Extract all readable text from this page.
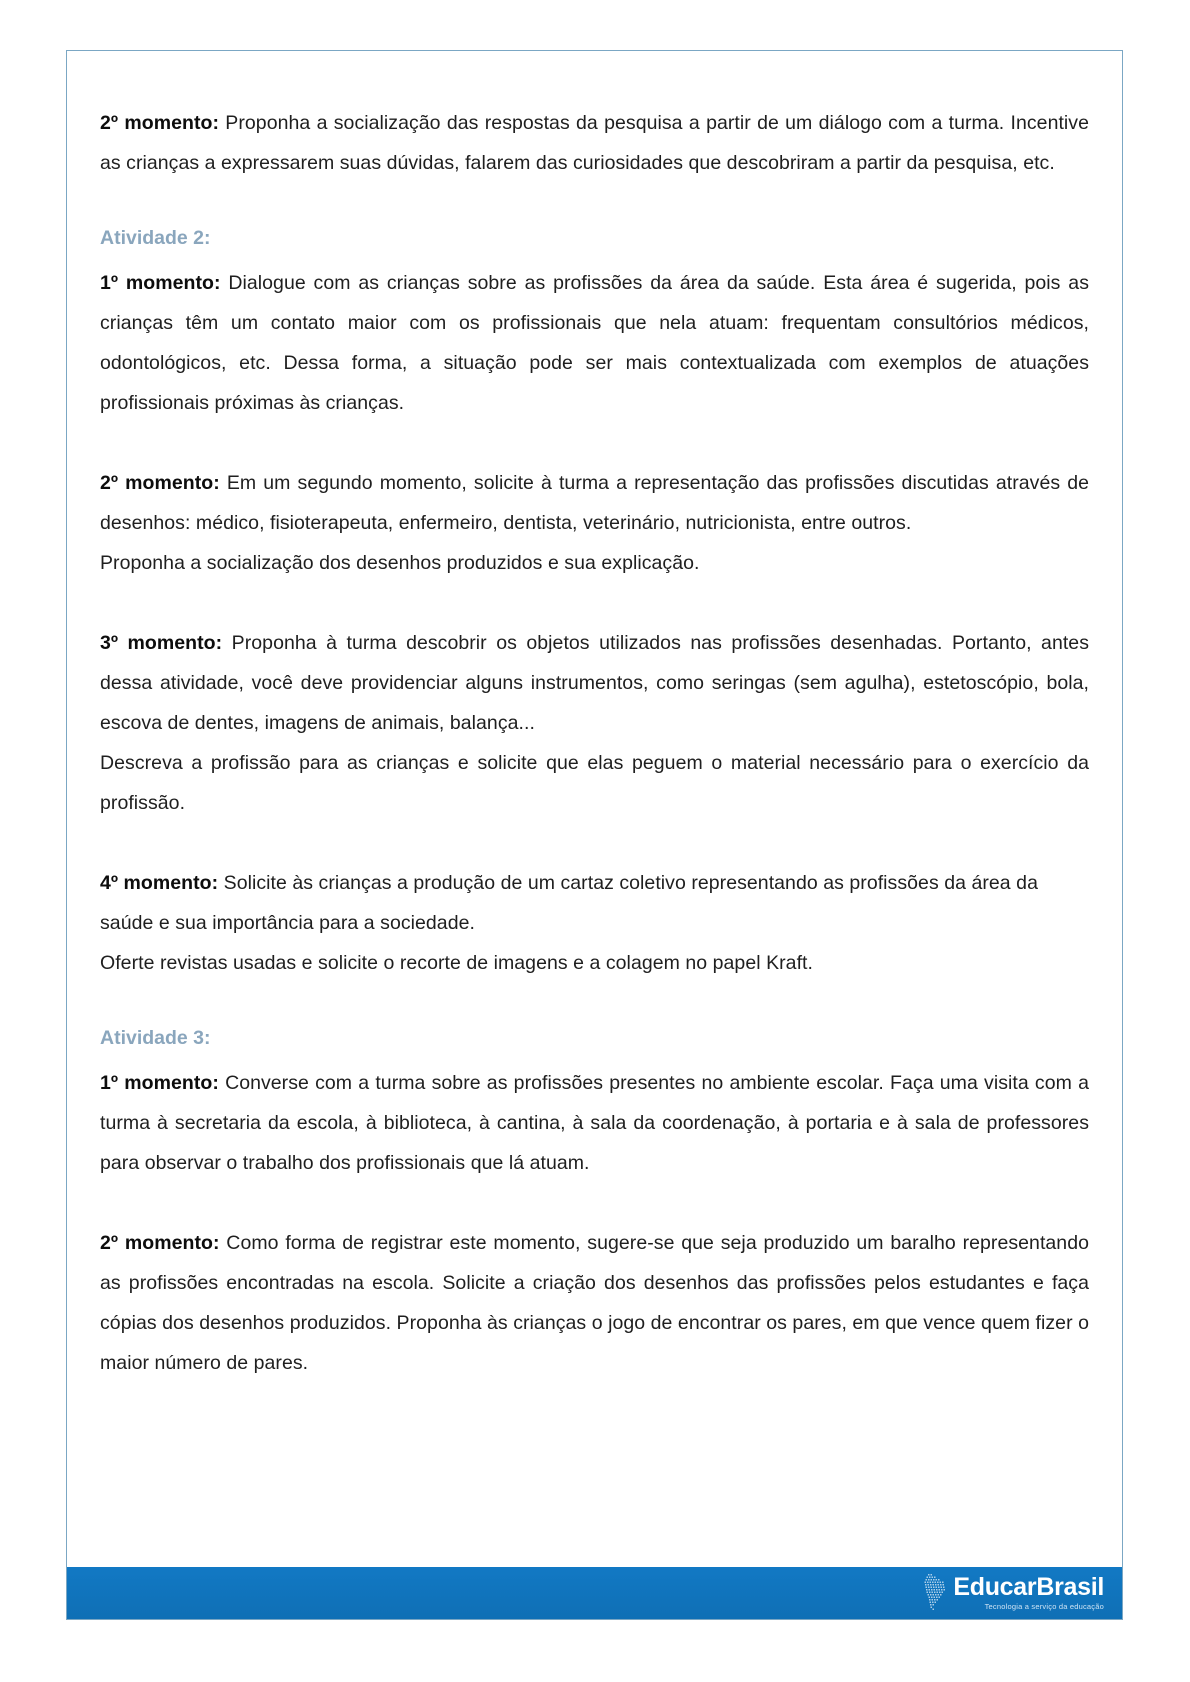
2º momento: Proponha a socialização das respostas da pesquisa a partir de um diálogo com a turma. Incentive as crianças a expressarem suas dúvidas, falarem das curiosidades que descobriram a partir da pesquisa, etc.

Atividade 2:

1º momento: Dialogue com as crianças sobre as profissões da área da saúde. Esta área é sugerida, pois as crianças têm um contato maior com os profissionais que nela atuam: frequentam consultórios médicos, odontológicos, etc. Dessa forma, a situação pode ser mais contextualizada com exemplos de atuações profissionais próximas às crianças.

2º momento: Em um segundo momento, solicite à turma a representação das profissões discutidas através de desenhos: médico, fisioterapeuta, enfermeiro, dentista, veterinário, nutricionista, entre outros.

Proponha a socialização dos desenhos produzidos e sua explicação.

3º momento: Proponha à turma descobrir os objetos utilizados nas profissões desenhadas. Portanto, antes dessa atividade, você deve providenciar alguns instrumentos, como seringas (sem agulha), estetoscópio, bola, escova de dentes, imagens de animais, balança...

Descreva a profissão para as crianças e solicite que elas peguem o material necessário para o exercício da profissão.

4º momento: Solicite às crianças a produção de um cartaz coletivo representando as profissões da área da saúde e sua importância para a sociedade.

Oferte revistas usadas e solicite o recorte de imagens e a colagem no papel Kraft.

Atividade 3:

1º momento: Converse com a turma sobre as profissões presentes no ambiente escolar. Faça uma visita com a turma à secretaria da escola, à biblioteca, à cantina, à sala da coordenação, à portaria e à sala de professores para observar o trabalho dos profissionais que lá atuam.

2º momento: Como forma de registrar este momento, sugere-se que seja produzido um baralho representando as profissões encontradas na escola. Solicite a criação dos desenhos das profissões pelos estudantes e faça cópias dos desenhos produzidos. Proponha às crianças o jogo de encontrar os pares, em que vence quem fizer o maior número de pares.

EducarBrasil
Tecnologia a serviço da educação
